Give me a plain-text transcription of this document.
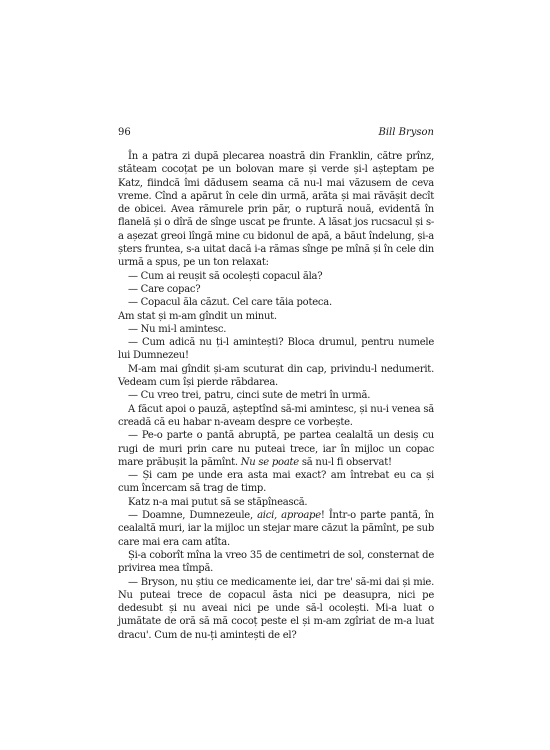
96	Bill Bryson

În a patra zi după plecarea noastră din Franklin, către prînz, stăteam cocoțat pe un bolovan mare și verde și-l așteptam pe Katz, fiindcă îmi dădusem seama că nu-l mai văzusem de ceva vreme. Cînd a apărut în cele din urmă, arăta și mai răvășit decît de obicei. Avea rămurele prin păr, o ruptură nouă, evidentă în flanelă și o dîră de sînge uscat pe frunte. A lăsat jos rucsacul și s-a așezat greoi lîngă mine cu bidonul de apă, a băut îndelung, și-a șters fruntea, s-a uitat dacă i-a rămas sînge pe mînă și în cele din urmă a spus, pe un ton relaxat:

— Cum ai reușit să ocolești copacul ăla?

— Care copac?

— Copacul ăla căzut. Cel care tăia poteca.

Am stat și m-am gîndit un minut.

— Nu mi-l amintesc.

— Cum adică nu ți-l amintești? Bloca drumul, pentru numele lui Dumnezeu!

M-am mai gîndit și-am scuturat din cap, privindu-l nedumerit. Vedeam cum își pierde răbdarea.

— Cu vreo trei, patru, cinci sute de metri în urmă.

A făcut apoi o pauză, așteptînd să-mi amintesc, și nu-i venea să creadă că eu habar n-aveam despre ce vorbește.

— Pe-o parte o pantă abruptă, pe partea cealaltă un desiș cu rugi de muri prin care nu puteai trece, iar în mijloc un copac mare prăbușit la pămînt. Nu se poate să nu-l fi observat!

— Și cam pe unde era asta mai exact? am întrebat eu ca și cum încercam să trag de timp.

Katz n-a mai putut să se stăpînească.

— Doamne, Dumnezeule, aici, aproape! Într-o parte pantă, în cealaltă muri, iar la mijloc un stejar mare căzut la pămînt, pe sub care mai era cam atîta.

Și-a coborît mîna la vreo 35 de centimetri de sol, consternat de privirea mea tîmpă.

— Bryson, nu știu ce medicamente iei, dar tre' să-mi dai și mie. Nu puteai trece de copacul ăsta nici pe deasupra, nici pe dedesubt și nu aveai nici pe unde să-l ocolești. Mi-a luat o jumătate de oră să mă cocoț peste el și m-am zgîriat de m-a luat dracu'. Cum de nu-ți amintești de el?
